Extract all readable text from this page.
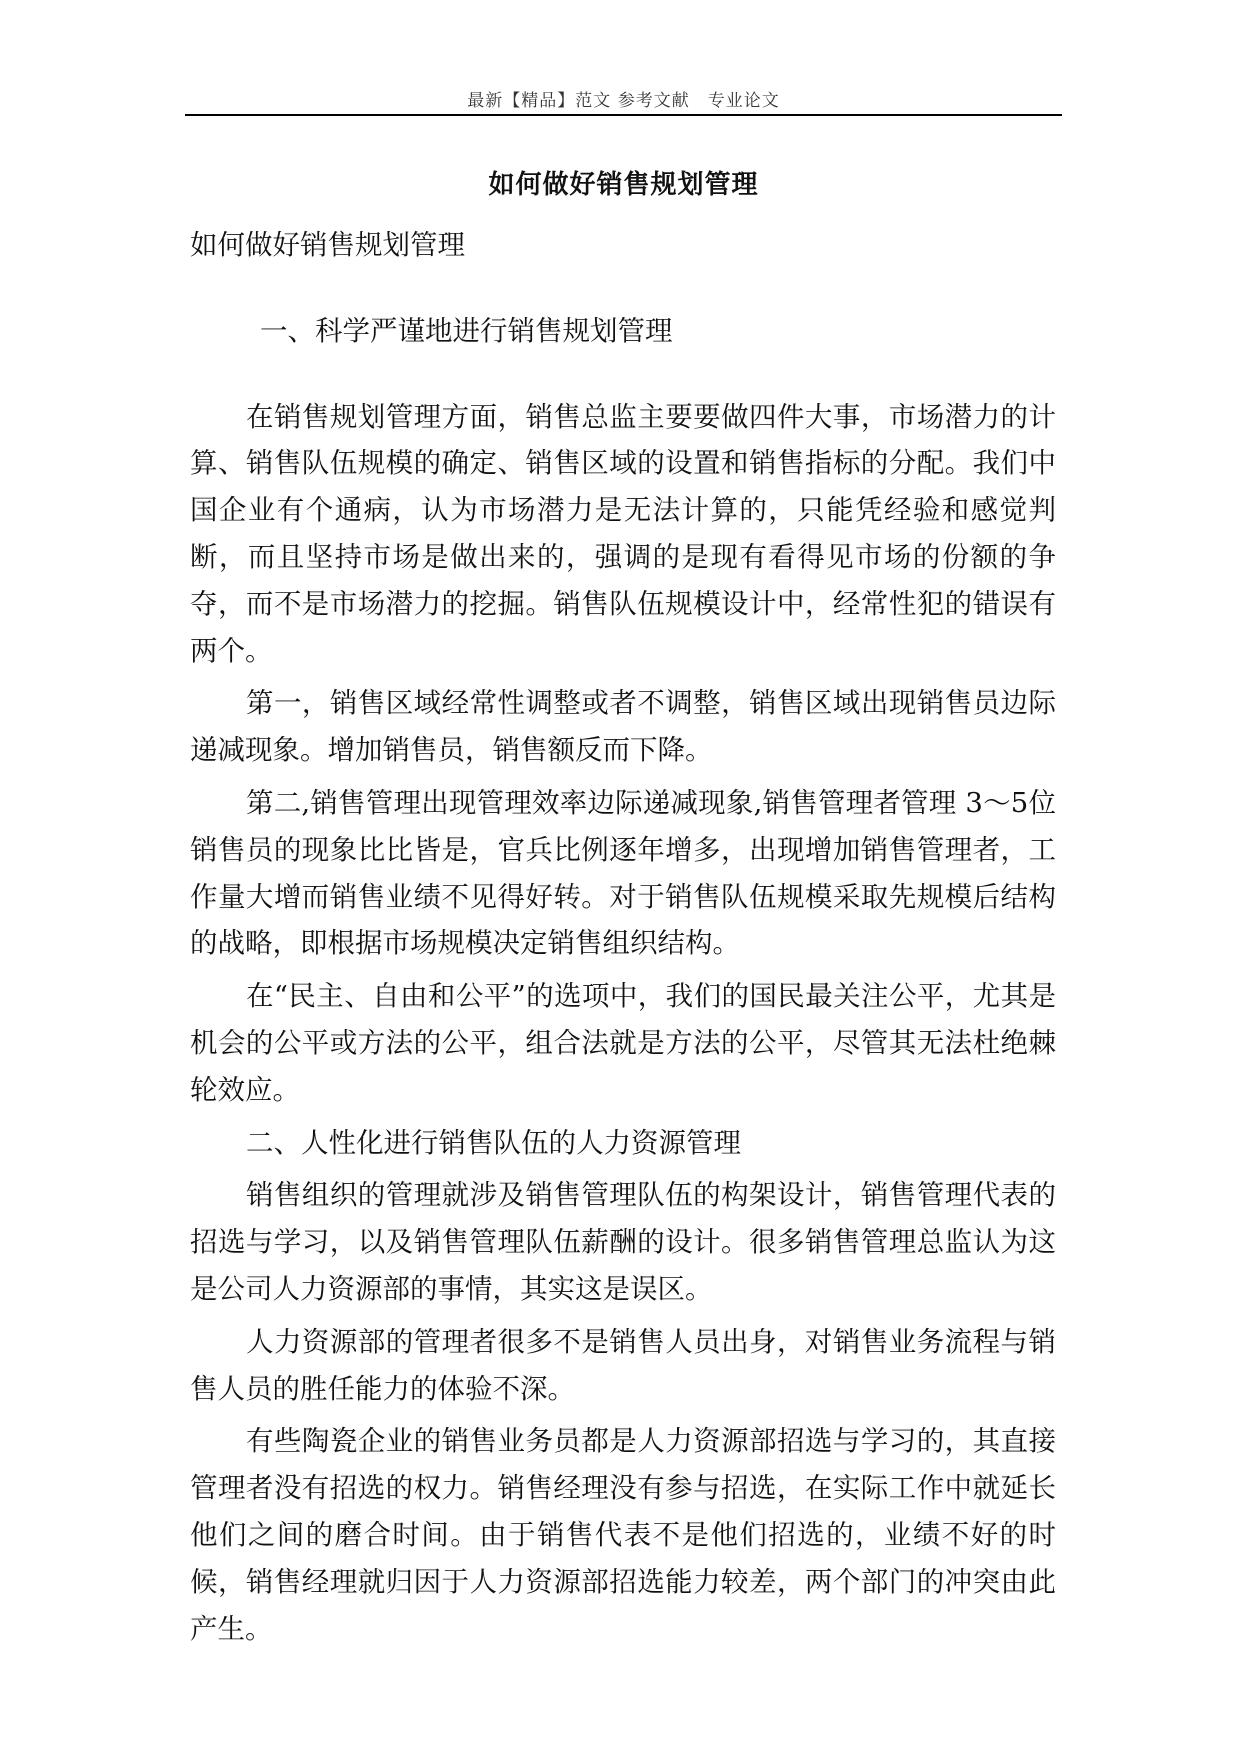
最新【精品】范文 参考文献　专业论文
如何做好销售规划管理

如何做好销售规划管理

一、科学严谨地进行销售规划管理

在销售规划管理方面，销售总监主要要做四件大事，市场潜力的计算、销售队伍规模的确定、销售区域的设置和销售指标的分配。我们中国企业有个通病，认为市场潜力是无法计算的，只能凭经验和感觉判断，而且坚持市场是做出来的，强调的是现有看得见市场的份额的争夺，而不是市场潜力的挖掘。销售队伍规模设计中，经常性犯的错误有两个。

第一，销售区域经常性调整或者不调整，销售区域出现销售员边际递减现象。增加销售员，销售额反而下降。

第二,销售管理出现管理效率边际递减现象,销售管理者管理 3～5位销售员的现象比比皆是，官兵比例逐年增多，出现增加销售管理者，工作量大增而销售业绩不见得好转。对于销售队伍规模采取先规模后结构的战略，即根据市场规模决定销售组织结构。

在“民主、自由和公平”的选项中，我们的国民最关注公平，尤其是机会的公平或方法的公平，组合法就是方法的公平，尽管其无法杜绝棘轮效应。

二、人性化进行销售队伍的人力资源管理

销售组织的管理就涉及销售管理队伍的构架设计，销售管理代表的招选与学习，以及销售管理队伍薪酬的设计。很多销售管理总监认为这是公司人力资源部的事情，其实这是误区。

人力资源部的管理者很多不是销售人员出身，对销售业务流程与销售人员的胜任能力的体验不深。

有些陶瓷企业的销售业务员都是人力资源部招选与学习的，其直接管理者没有招选的权力。销售经理没有参与招选，在实际工作中就延长他们之间的磨合时间。由于销售代表不是他们招选的，业绩不好的时候，销售经理就归因于人力资源部招选能力较差，两个部门的冲突由此产生。
